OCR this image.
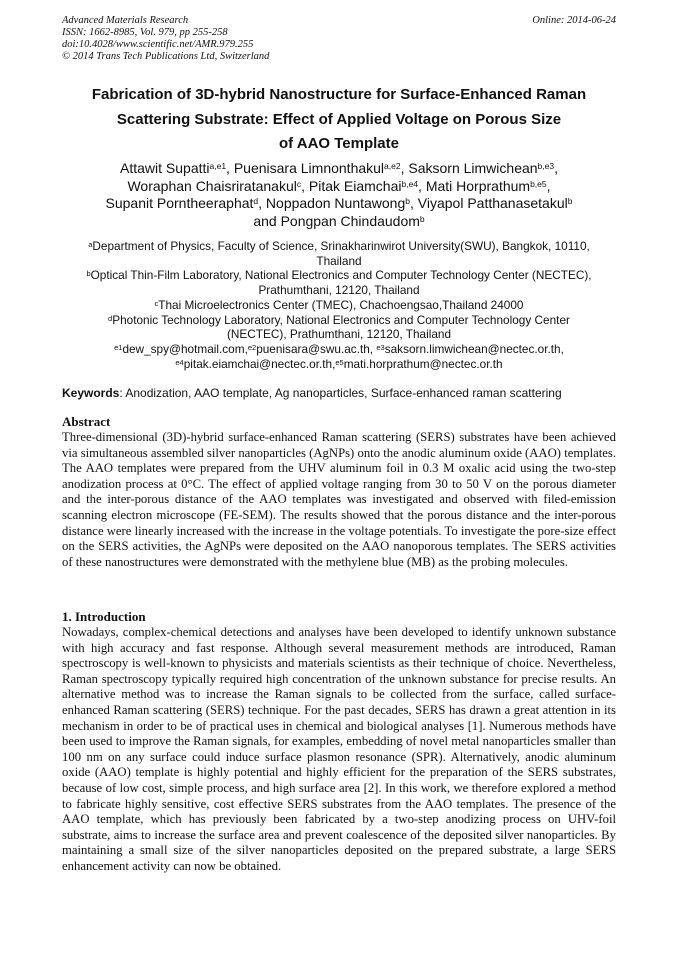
Advanced Materials Research
ISSN: 1662-8985, Vol. 979, pp 255-258
doi:10.4028/www.scientific.net/AMR.979.255
© 2014 Trans Tech Publications Ltd, Switzerland
Online: 2014-06-24
Fabrication of 3D-hybrid Nanostructure for Surface-Enhanced Raman
Scattering Substrate: Effect of Applied Voltage on Porous Size
of AAO Template
Attawit Supatti$^{a,e1}$, Puenisara Limnonthakul$^{a,e2}$, Saksorn Limwichean$^{b,e3}$,
Woraphan Chaisriratanakul$^c$, Pitak Eiamchai$^{b,e4}$, Mati Horprathum$^{b,e5}$,
Supanit Porntheeraphat$^d$, Noppadon Nuntawong$^b$, Viyapol Patthanasetakul$^b$
and Pongpan Chindaudom$^b$
$^a$Department of Physics, Faculty of Science, Srinakharinwirot University(SWU), Bangkok, 10110,
Thailand
$^b$Optical Thin-Film Laboratory, National Electronics and Computer Technology Center (NECTEC),
Prathumthani, 12120, Thailand
$^c$Thai Microelectronics Center (TMEC), Chachoengsao,Thailand 24000
$^d$Photonic Technology Laboratory, National Electronics and Computer Technology Center
(NECTEC), Prathumthani, 12120, Thailand
$^{e1}$dew_spy@hotmail.com,$^{e2}$puenisara@swu.ac.th, $^{e3}$saksorn.limwichean@nectec.or.th,
$^{e4}$pitak.eiamchai@nectec.or.th,$^{e5}$mati.horprathum@nectec.or.th
Keywords: Anodization, AAO template, Ag nanoparticles, Surface-enhanced raman scattering
Abstract

Three-dimensional (3D)-hybrid surface-enhanced Raman scattering (SERS) substrates have been achieved via simultaneous assembled silver nanoparticles (AgNPs) onto the anodic aluminum oxide (AAO) templates. The AAO templates were prepared from the UHV aluminum foil in 0.3 M oxalic acid using the two-step anodization process at 0°C. The effect of applied voltage ranging from 30 to 50 V on the porous diameter and the inter-porous distance of the AAO templates was investigated and observed with filed-emission scanning electron microscope (FE-SEM). The results showed that the porous distance and the inter-porous distance were linearly increased with the increase in the voltage potentials. To investigate the pore-size effect on the SERS activities, the AgNPs were deposited on the AAO nanoporous templates. The SERS activities of these nanostructures were demonstrated with the methylene blue (MB) as the probing molecules.

1. Introduction

Nowadays, complex-chemical detections and analyses have been developed to identify unknown substance with high accuracy and fast response. Although several measurement methods are introduced, Raman spectroscopy is well-known to physicists and materials scientists as their technique of choice. Nevertheless, Raman spectroscopy typically required high concentration of the unknown substance for precise results. An alternative method was to increase the Raman signals to be collected from the surface, called surface-enhanced Raman scattering (SERS) technique. For the past decades, SERS has drawn a great attention in its mechanism in order to be of practical uses in chemical and biological analyses [1]. Numerous methods have been used to improve the Raman signals, for examples, embedding of novel metal nanoparticles smaller than 100 nm on any surface could induce surface plasmon resonance (SPR). Alternatively, anodic aluminum oxide (AAO) template is highly potential and highly efficient for the preparation of the SERS substrates, because of low cost, simple process, and high surface area [2]. In this work, we therefore explored a method to fabricate highly sensitive, cost effective SERS substrates from the AAO templates. The presence of the AAO template, which has previously been fabricated by a two-step anodizing process on UHV-foil substrate, aims to increase the surface area and prevent coalescence of the deposited silver nanoparticles. By maintaining a small size of the silver nanoparticles deposited on the prepared substrate, a large SERS enhancement activity can now be obtained.
